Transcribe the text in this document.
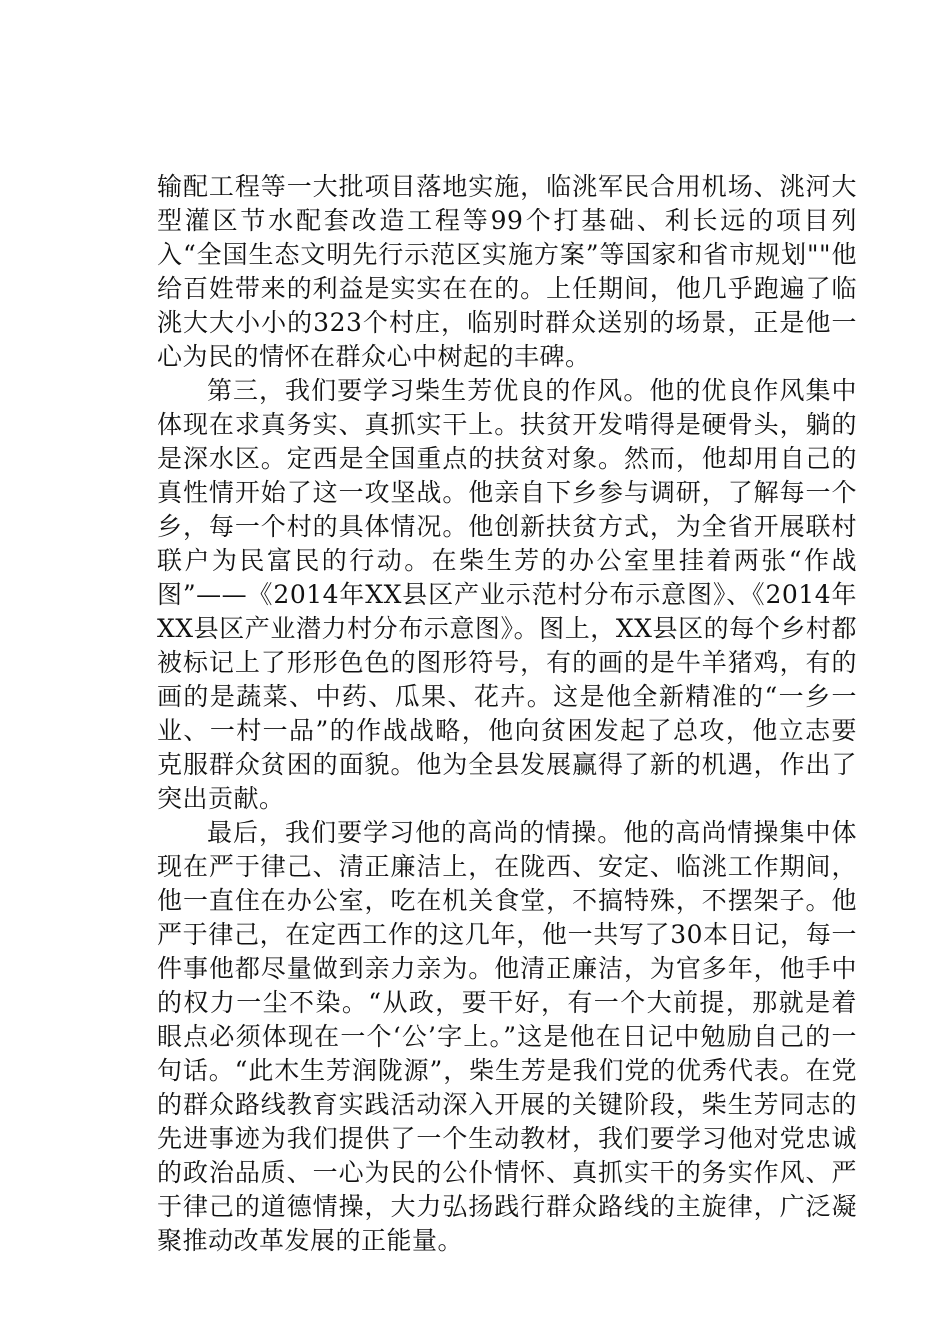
输配工程等一大批项目落地实施，临洮军民合用机场、洮河大型灌区节水配套改造工程等99个打基础、利长远的项目列入“全国生态文明先行示范区实施方案”等国家和省市规划""他给百姓带来的利益是实实在在的。上任期间，他几乎跑遍了临洮大大小小的323个村庄，临别时群众送别的场景，正是他一心为民的情怀在群众心中树起的丰碑。

第三，我们要学习柴生芳优良的作风。他的优良作风集中体现在求真务实、真抓实干上。扶贫开发啃得是硬骨头，躺的是深水区。定西是全国重点的扶贫对象。然而，他却用自己的真性情开始了这一攻坚战。他亲自下乡参与调研，了解每一个乡，每一个村的具体情况。他创新扶贫方式，为全省开展联村联户为民富民的行动。在柴生芳的办公室里挂着两张“作战图”——《2014年XX县区产业示范村分布示意图》、《2014年XX县区产业潜力村分布示意图》。图上，XX县区的每个乡村都被标记上了形形色色的图形符号，有的画的是牛羊猪鸡，有的画的是蔬菜、中药、瓜果、花卉。这是他全新精准的“一乡一业、一村一品”的作战战略，他向贫困发起了总攻，他立志要克服群众贫困的面貌。他为全县发展赢得了新的机遇，作出了突出贡献。

最后，我们要学习他的高尚的情操。他的高尚情操集中体现在严于律己、清正廉洁上，在陇西、安定、临洮工作期间，他一直住在办公室，吃在机关食堂，不搞特殊，不摆架子。他严于律己，在定西工作的这几年，他一共写了30本日记，每一件事他都尽量做到亲力亲为。他清正廉洁，为官多年，他手中的权力一尘不染。“从政，要干好，有一个大前提，那就是着眼点必须体现在一个‘公’字上。”这是他在日记中勉励自己的一句话。“此木生芳润陇源”，柴生芳是我们党的优秀代表。在党的群众路线教育实践活动深入开展的关键阶段，柴生芳同志的先进事迹为我们提供了一个生动教材，我们要学习他对党忠诚的政治品质、一心为民的公仆情怀、真抓实干的务实作风、严于律己的道德情操，大力弘扬践行群众路线的主旋律，广泛凝聚推动改革发展的正能量。
